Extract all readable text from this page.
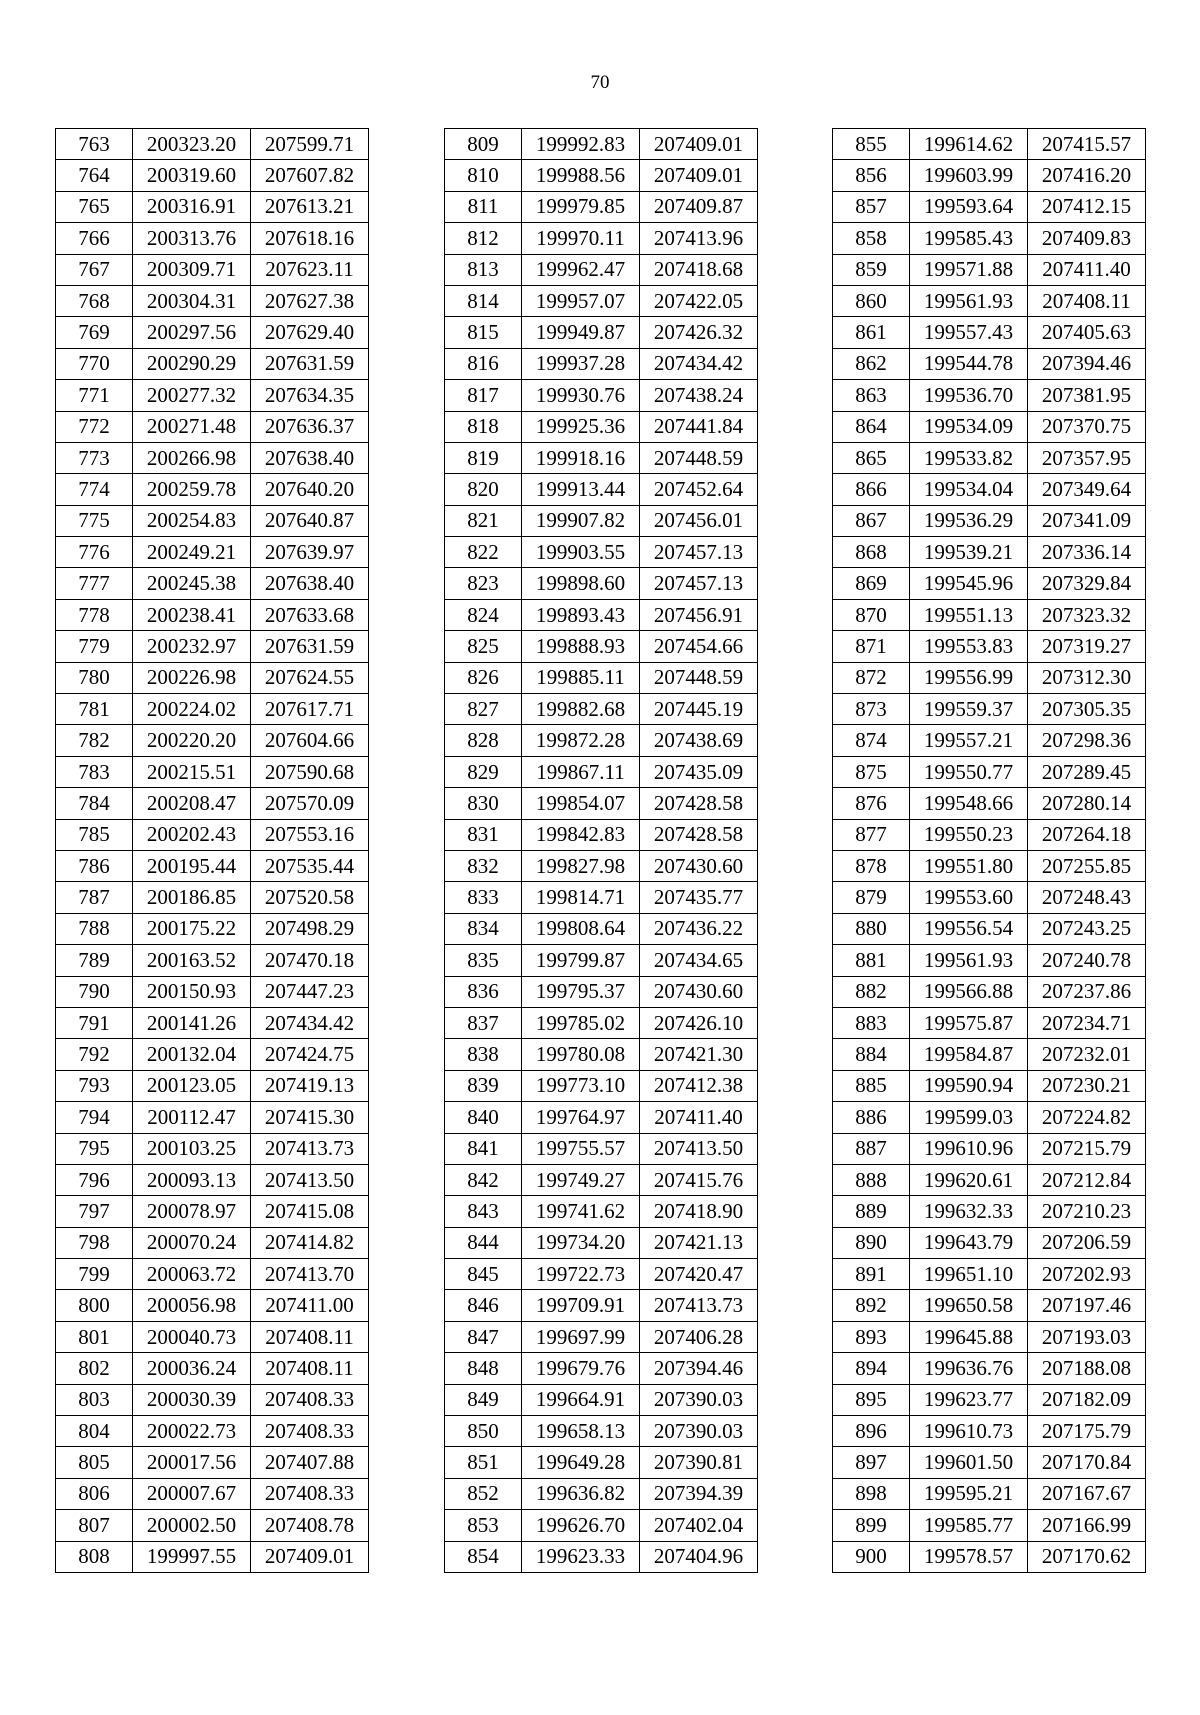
70
763	200323.20	207599.71
764	200319.60	207607.82
765	200316.91	207613.21
766	200313.76	207618.16
767	200309.71	207623.11
768	200304.31	207627.38
769	200297.56	207629.40
770	200290.29	207631.59
771	200277.32	207634.35
772	200271.48	207636.37
773	200266.98	207638.40
774	200259.78	207640.20
775	200254.83	207640.87
776	200249.21	207639.97
777	200245.38	207638.40
778	200238.41	207633.68
779	200232.97	207631.59
780	200226.98	207624.55
781	200224.02	207617.71
782	200220.20	207604.66
783	200215.51	207590.68
784	200208.47	207570.09
785	200202.43	207553.16
786	200195.44	207535.44
787	200186.85	207520.58
788	200175.22	207498.29
789	200163.52	207470.18
790	200150.93	207447.23
791	200141.26	207434.42
792	200132.04	207424.75
793	200123.05	207419.13
794	200112.47	207415.30
795	200103.25	207413.73
796	200093.13	207413.50
797	200078.97	207415.08
798	200070.24	207414.82
799	200063.72	207413.70
800	200056.98	207411.00
801	200040.73	207408.11
802	200036.24	207408.11
803	200030.39	207408.33
804	200022.73	207408.33
805	200017.56	207407.88
806	200007.67	207408.33
807	200002.50	207408.78
808	199997.55	207409.01
809	199992.83	207409.01
810	199988.56	207409.01
811	199979.85	207409.87
812	199970.11	207413.96
813	199962.47	207418.68
814	199957.07	207422.05
815	199949.87	207426.32
816	199937.28	207434.42
817	199930.76	207438.24
818	199925.36	207441.84
819	199918.16	207448.59
820	199913.44	207452.64
821	199907.82	207456.01
822	199903.55	207457.13
823	199898.60	207457.13
824	199893.43	207456.91
825	199888.93	207454.66
826	199885.11	207448.59
827	199882.68	207445.19
828	199872.28	207438.69
829	199867.11	207435.09
830	199854.07	207428.58
831	199842.83	207428.58
832	199827.98	207430.60
833	199814.71	207435.77
834	199808.64	207436.22
835	199799.87	207434.65
836	199795.37	207430.60
837	199785.02	207426.10
838	199780.08	207421.30
839	199773.10	207412.38
840	199764.97	207411.40
841	199755.57	207413.50
842	199749.27	207415.76
843	199741.62	207418.90
844	199734.20	207421.13
845	199722.73	207420.47
846	199709.91	207413.73
847	199697.99	207406.28
848	199679.76	207394.46
849	199664.91	207390.03
850	199658.13	207390.03
851	199649.28	207390.81
852	199636.82	207394.39
853	199626.70	207402.04
854	199623.33	207404.96
855	199614.62	207415.57
856	199603.99	207416.20
857	199593.64	207412.15
858	199585.43	207409.83
859	199571.88	207411.40
860	199561.93	207408.11
861	199557.43	207405.63
862	199544.78	207394.46
863	199536.70	207381.95
864	199534.09	207370.75
865	199533.82	207357.95
866	199534.04	207349.64
867	199536.29	207341.09
868	199539.21	207336.14
869	199545.96	207329.84
870	199551.13	207323.32
871	199553.83	207319.27
872	199556.99	207312.30
873	199559.37	207305.35
874	199557.21	207298.36
875	199550.77	207289.45
876	199548.66	207280.14
877	199550.23	207264.18
878	199551.80	207255.85
879	199553.60	207248.43
880	199556.54	207243.25
881	199561.93	207240.78
882	199566.88	207237.86
883	199575.87	207234.71
884	199584.87	207232.01
885	199590.94	207230.21
886	199599.03	207224.82
887	199610.96	207215.79
888	199620.61	207212.84
889	199632.33	207210.23
890	199643.79	207206.59
891	199651.10	207202.93
892	199650.58	207197.46
893	199645.88	207193.03
894	199636.76	207188.08
895	199623.77	207182.09
896	199610.73	207175.79
897	199601.50	207170.84
898	199595.21	207167.67
899	199585.77	207166.99
900	199578.57	207170.62
